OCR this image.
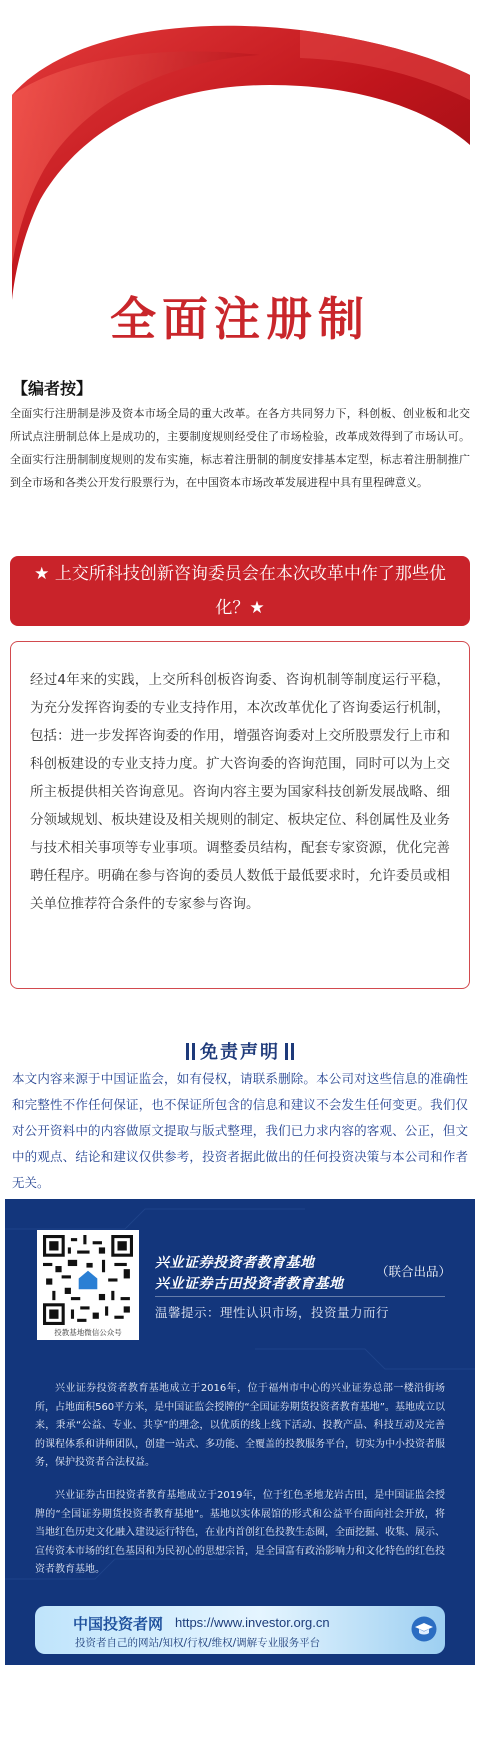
全面注册制
【编者按】

全面实行注册制是涉及资本市场全局的重大改革。在各方共同努力下，科创板、创业板和北交所试点注册制总体上是成功的，主要制度规则经受住了市场检验，改革成效得到了市场认可。全面实行注册制制度规则的发布实施，标志着注册制的制度安排基本定型，标志着注册制推广到全市场和各类公开发行股票行为，在中国资本市场改革发展进程中具有里程碑意义。

★ 上交所科技创新咨询委员会在本次改革中作了那些优化？★

经过4年来的实践，上交所科创板咨询委、咨询机制等制度运行平稳，为充分发挥咨询委的专业支持作用，本次改革优化了咨询委运行机制，包括：进一步发挥咨询委的作用，增强咨询委对上交所股票发行上市和科创板建设的专业支持力度。扩大咨询委的咨询范围，同时可以为上交所主板提供相关咨询意见。咨询内容主要为国家科技创新发展战略、细分领域规划、板块建设及相关规则的制定、板块定位、科创属性及业务与技术相关事项等专业事项。调整委员结构，配套专家资源，优化完善聘任程序。明确在参与咨询的委员人数低于最低要求时，允许委员或相关单位推荐符合条件的专家参与咨询。

免责声明

本文内容来源于中国证监会，如有侵权，请联系删除。本公司对这些信息的准确性和完整性不作任何保证，也不保证所包含的信息和建议不会发生任何变更。我们仅对公开资料中的内容做原文提取与版式整理，我们已力求内容的客观、公正，但文中的观点、结论和建议仅供参考，投资者据此做出的任何投资决策与本公司和作者无关。

投教基地微信公众号
兴业证券投资者教育基地
兴业证券古田投资者教育基地
（联合出品）
温馨提示：理性认识市场，投资量力而行

兴业证券投资者教育基地成立于2016年，位于福州市中心的兴业证券总部一楼沿街场所，占地面积560平方米，是中国证监会授牌的“全国证券期货投资者教育基地”。基地成立以来，秉承“公益、专业、共享”的理念，以优质的线上线下活动、投教产品、科技互动及完善的课程体系和讲师团队，创建一站式、多功能、全覆盖的投教服务平台，切实为中小投资者服务，保护投资者合法权益。

兴业证券古田投资者教育基地成立于2019年，位于红色圣地龙岩古田，是中国证监会授牌的“全国证券期货投资者教育基地”。基地以实体展馆的形式和公益平台面向社会开放，将当地红色历史文化融入建设运行特色，在业内首创红色投教生态圈，全面挖掘、收集、展示、宣传资本市场的红色基因和为民初心的思想宗旨，是全国富有政治影响力和文化特色的红色投资者教育基地。

中国投资者网 https://www.investor.org.cn
投资者自己的网站/知权/行权/维权/调解专业服务平台
